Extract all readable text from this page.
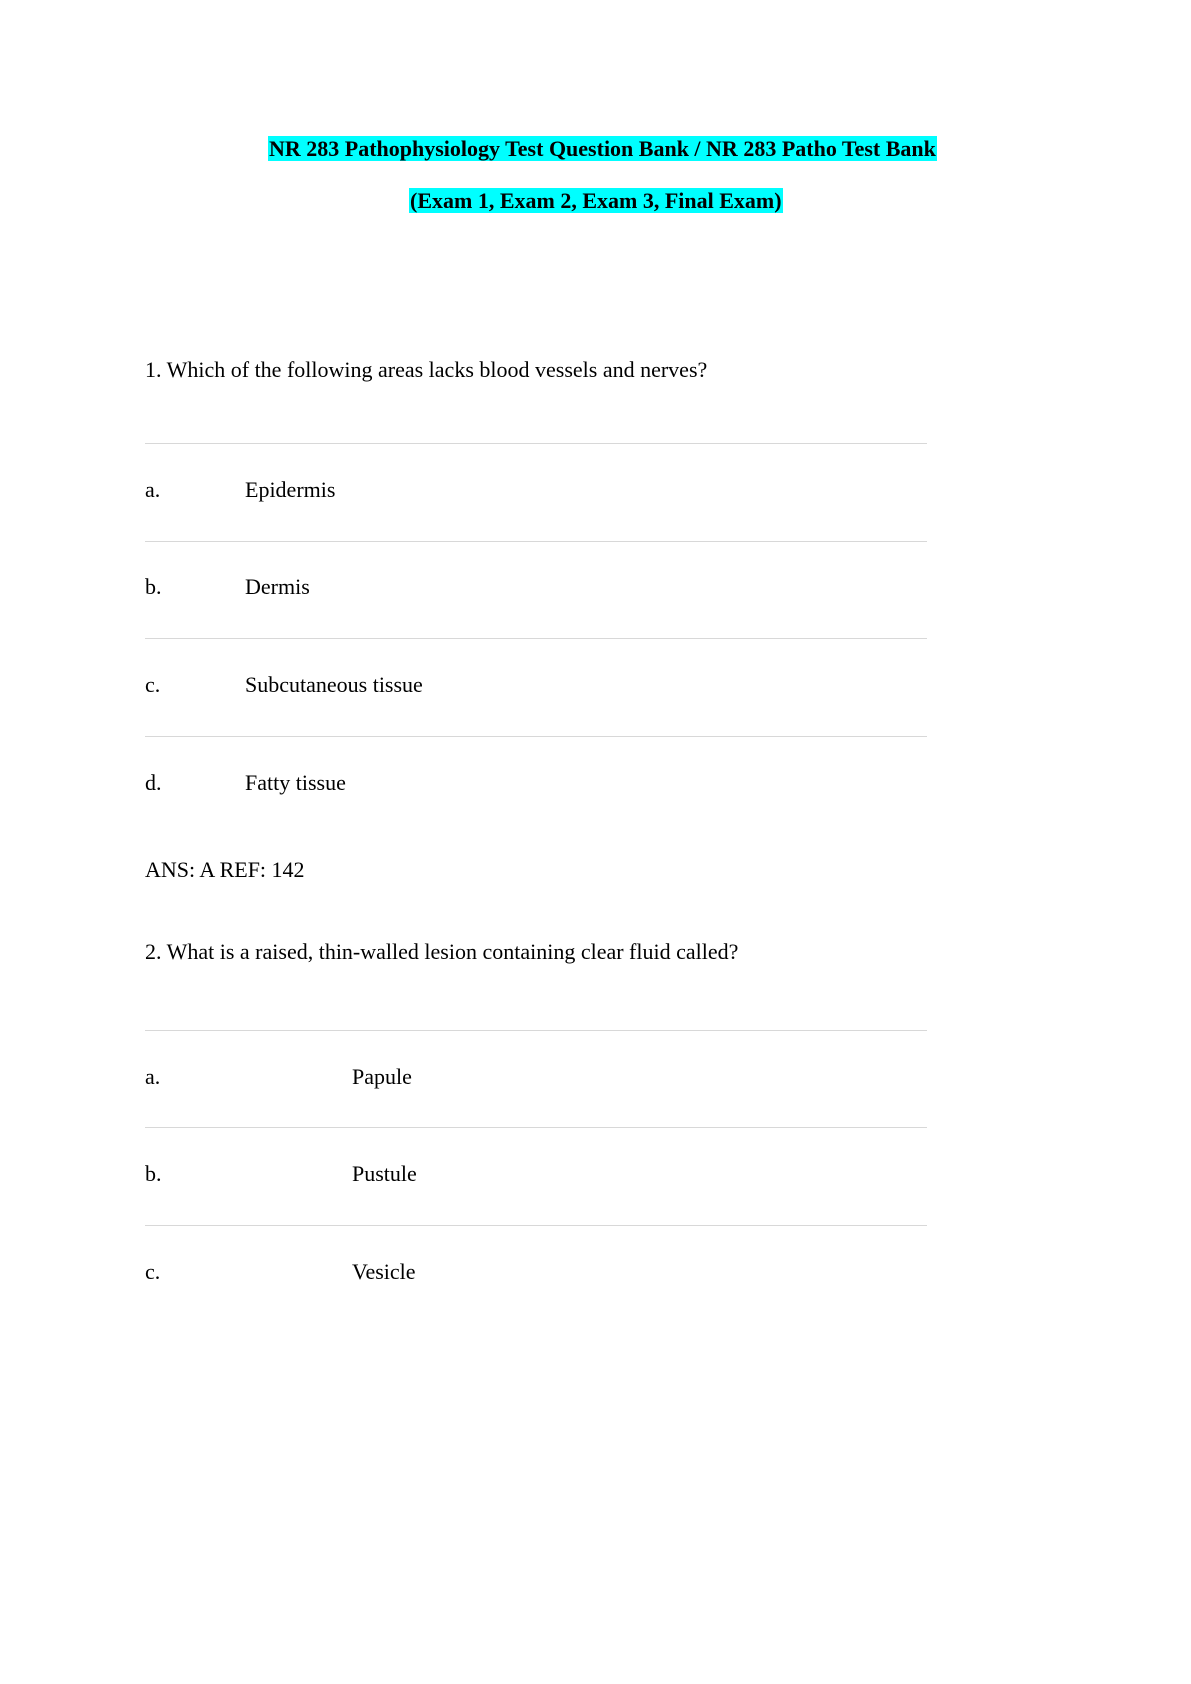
NR 283 Pathophysiology Test Question Bank / NR 283 Patho Test Bank
(Exam 1, Exam 2, Exam 3, Final Exam)
1. Which of the following areas lacks blood vessels and nerves?
a.	Epidermis
b.	Dermis
c.	Subcutaneous tissue
d.	Fatty tissue
ANS: A REF: 142
2. What is a raised, thin-walled lesion containing clear fluid called?
a.	Papule
b.	Pustule
c.	Vesicle
